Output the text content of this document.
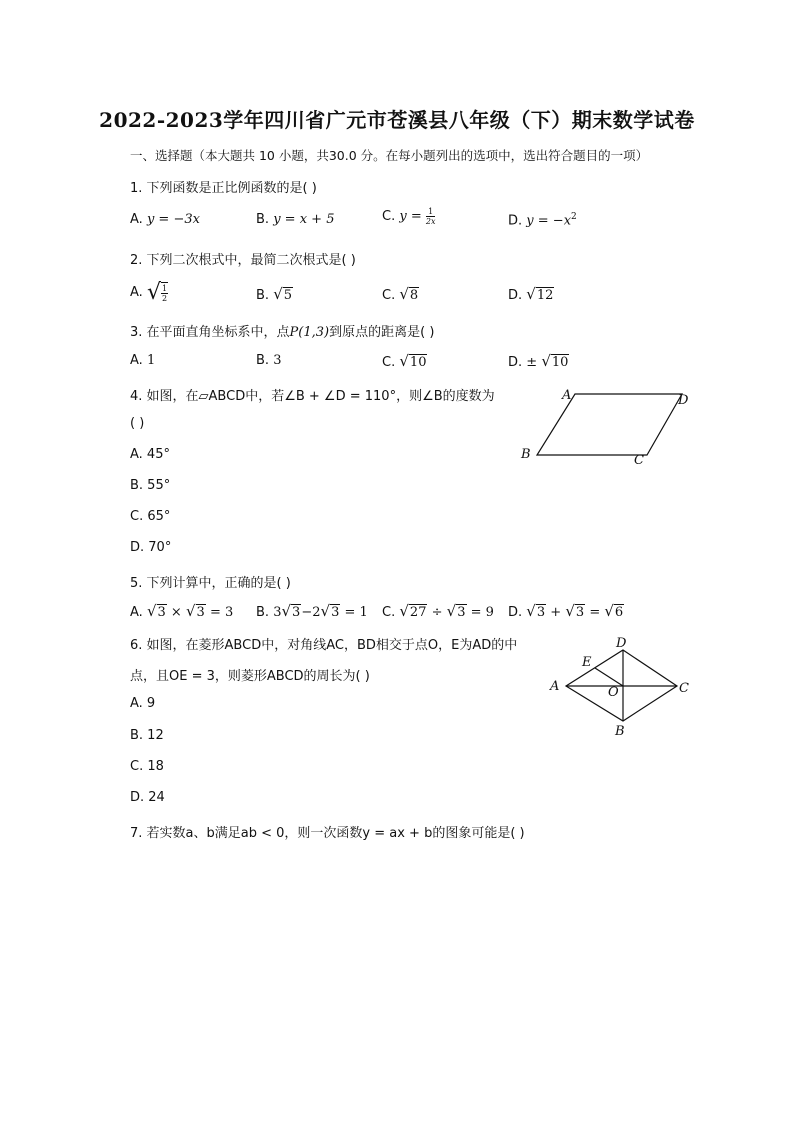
2022-2023学年四川省广元市苍溪县八年级（下）期末数学试卷
一、选择题（本大题共 10 小题，共30.0 分。在每小题列出的选项中，选出符合题目的一项）
1. 下列函数是正比例函数的是( )
A. y = −3x	B. y = x + 5	C. $y = \frac{1}{2x}$	D. $y = -x^2$
2. 下列二次根式中，最简二次根式是( )
A. √ $\frac{1}{2}$	B. √5	C. √8	D. √12
3. 在平面直角坐标系中，点P(1,3)到原点的距离是( )
A. 1	B. 3	C. √10	D. ± √10
4. 如图，在▱ABCD中，若∠B + ∠D = 110°，则∠B的度数为
( )
A. 45°
B. 55°
C. 65°
D. 70°
A	D
B	C
5. 下列计算中，正确的是( )
A. √3 × √3 = 3 B. 3√3−2√3 = 1 C. √27 ÷ √3 = 9 D. √3 + √3 = √6
6. 如图，在菱形ABCD中，对角线AC，BD相交于点O，E为AD的中
点，且OE = 3，则菱形ABCD的周长为( )
A. 9
B. 12
C. 18
D. 24
D
E
A	O	C
B
7. 若实数a、b满足ab < 0，则一次函数y = ax + b的图象可能是( )
